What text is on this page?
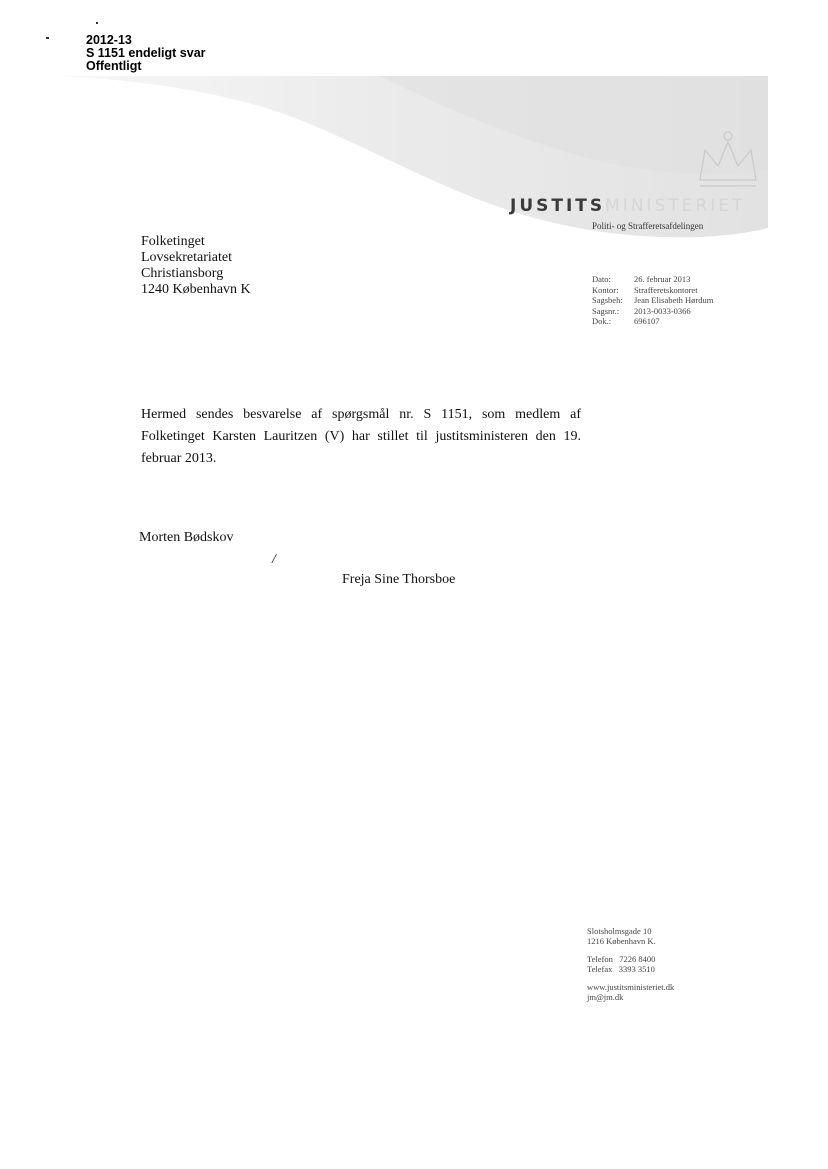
2012-13
S 1151 endeligt svar
Offentligt
JUSTITSMINISTERIET
Politi- og Strafferetsafdelingen
Folketinget
Lovsekretariatet
Christiansborg
1240 København K
Dato:	26. februar 2013
Kontor:	Strafferetskontoret
Sagsbeh:	Jean Elisabeth Hørdum
Sagsnr.:	2013-0033-0366
Dok.:	696107
Hermed sendes besvarelse af spørgsmål nr. S 1151, som medlem af Folketinget Karsten Lauritzen (V) har stillet til justitsministeren den 19. februar 2013.
Morten Bødskov
/
Freja Sine Thorsboe
Slotsholmsgade 10
1216 København K.
Telefon 7226 8400
Telefax 3393 3510
www.justitsministeriet.dk
jm@jm.dk
